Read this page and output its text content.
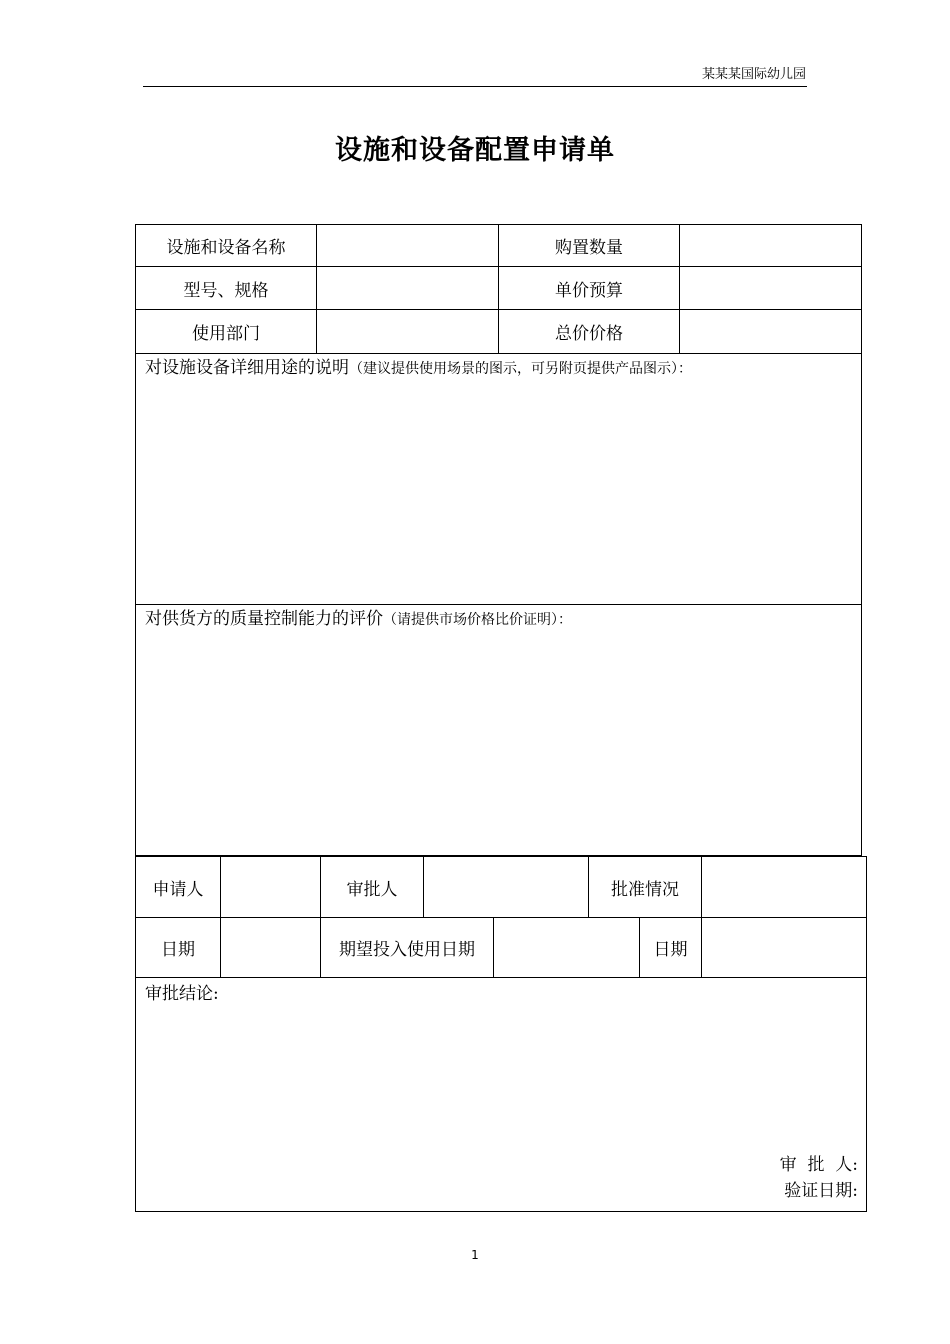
某某某国际幼儿园
设施和设备配置申请单
设施和设备名称	购置数量
型号、规格	单价预算
使用部门	总价价格
对设施设备详细用途的说明（建议提供使用场景的图示，可另附页提供产品图示）：
对供货方的质量控制能力的评价（请提供市场价格比价证明）：
申请人	审批人	批准情况
日期	期望投入使用日期	日期
审批结论:
审  批  人:
验证日期:
1
